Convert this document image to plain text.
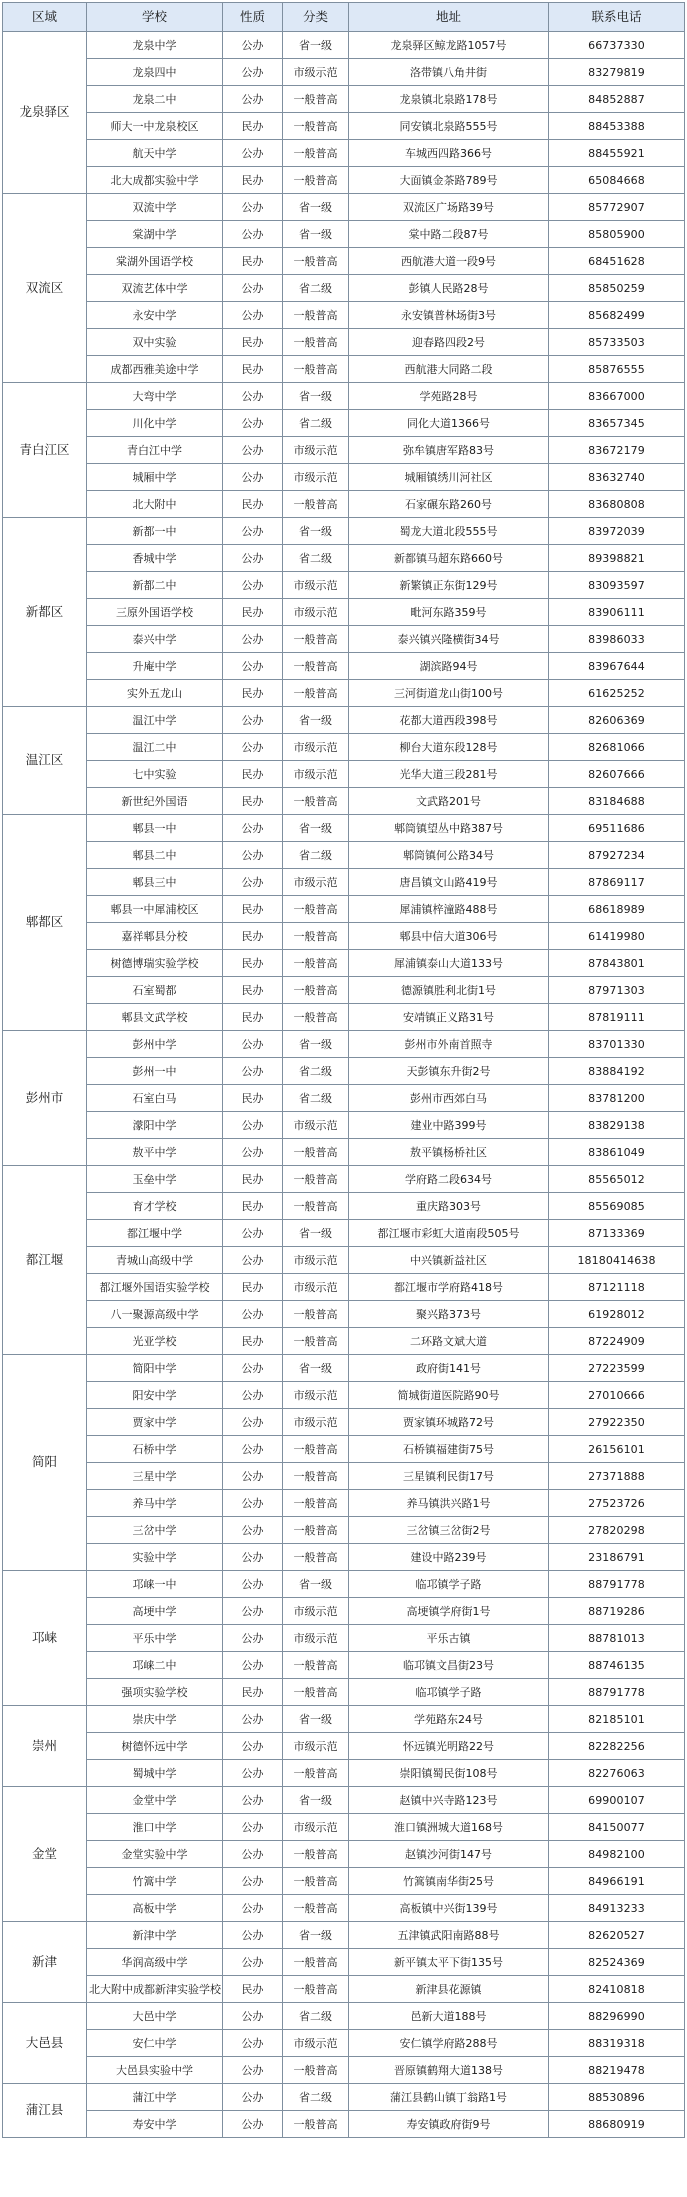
区域	学校	性质	分类	地址	联系电话
龙泉驿区	龙泉中学	公办	省一级	龙泉驿区鲸龙路1057号	66737330
	龙泉四中	公办	市级示范	洛带镇八角井街	83279819
	龙泉二中	公办	一般普高	龙泉镇北泉路178号	84852887
	师大一中龙泉校区	民办	一般普高	同安镇北泉路555号	88453388
	航天中学	公办	一般普高	车城西四路366号	88455921
	北大成都实验中学	民办	一般普高	大面镇金茶路789号	65084668
双流区	双流中学	公办	省一级	双流区广场路39号	85772907
	棠湖中学	公办	省一级	棠中路二段87号	85805900
	棠湖外国语学校	民办	一般普高	西航港大道一段9号	68451628
	双流艺体中学	公办	省二级	彭镇人民路28号	85850259
	永安中学	公办	一般普高	永安镇普林场街3号	85682499
	双中实验	民办	一般普高	迎春路四段2号	85733503
	成都西雅美途中学	民办	一般普高	西航港大同路二段	85876555
青白江区	大弯中学	公办	省一级	学苑路28号	83667000
	川化中学	公办	省二级	同化大道1366号	83657345
	青白江中学	公办	市级示范	弥牟镇唐军路83号	83672179
	城厢中学	公办	市级示范	城厢镇绣川河社区	83632740
	北大附中	民办	一般普高	石家碾东路260号	83680808
新都区	新都一中	公办	省一级	蜀龙大道北段555号	83972039
	香城中学	公办	省二级	新都镇马超东路660号	89398821
	新都二中	公办	市级示范	新繁镇正东街129号	83093597
	三原外国语学校	民办	市级示范	毗河东路359号	83906111
	泰兴中学	公办	一般普高	泰兴镇兴隆横街34号	83986033
	升庵中学	公办	一般普高	湖滨路94号	83967644
	实外五龙山	民办	一般普高	三河街道龙山街100号	61625252
温江区	温江中学	公办	省一级	花都大道西段398号	82606369
	温江二中	公办	市级示范	柳台大道东段128号	82681066
	七中实验	民办	市级示范	光华大道三段281号	82607666
	新世纪外国语	民办	一般普高	文武路201号	83184688
郫都区	郫县一中	公办	省一级	郫筒镇望丛中路387号	69511686
	郫县二中	公办	省二级	郫筒镇何公路34号	87927234
	郫县三中	公办	市级示范	唐昌镇文山路419号	87869117
	郫县一中犀浦校区	民办	一般普高	犀浦镇梓潼路488号	68618989
	嘉祥郫县分校	民办	一般普高	郫县中信大道306号	61419980
	树德博瑞实验学校	民办	一般普高	犀浦镇泰山大道133号	87843801
	石室蜀都	民办	一般普高	德源镇胜利北街1号	87971303
	郫县文武学校	民办	一般普高	安靖镇正义路31号	87819111
彭州市	彭州中学	公办	省一级	彭州市外南首照寺	83701330
	彭州一中	公办	省二级	天彭镇东升街2号	83884192
	石室白马	民办	省二级	彭州市西郊白马	83781200
	濛阳中学	公办	市级示范	建业中路399号	83829138
	敖平中学	公办	一般普高	敖平镇杨桥社区	83861049
都江堰	玉垒中学	民办	一般普高	学府路二段634号	85565012
	育才学校	民办	一般普高	重庆路303号	85569085
	都江堰中学	公办	省一级	都江堰市彩虹大道南段505号	87133369
	青城山高级中学	公办	市级示范	中兴镇新益社区	18180414638
	都江堰外国语实验学校	民办	市级示范	都江堰市学府路418号	87121118
	八一聚源高级中学	公办	一般普高	聚兴路373号	61928012
	光亚学校	民办	一般普高	二环路文斌大道	87224909
简阳	简阳中学	公办	省一级	政府街141号	27223599
	阳安中学	公办	市级示范	简城街道医院路90号	27010666
	贾家中学	公办	市级示范	贾家镇环城路72号	27922350
	石桥中学	公办	一般普高	石桥镇福建街75号	26156101
	三星中学	公办	一般普高	三星镇利民街17号	27371888
	养马中学	公办	一般普高	养马镇洪兴路1号	27523726
	三岔中学	公办	一般普高	三岔镇三岔街2号	27820298
	实验中学	公办	一般普高	建设中路239号	23186791
邛崃	邛崃一中	公办	省一级	临邛镇学子路	88791778
	高埂中学	公办	市级示范	高埂镇学府街1号	88719286
	平乐中学	公办	市级示范	平乐古镇	88781013
	邛崃二中	公办	一般普高	临邛镇文昌街23号	88746135
	强项实验学校	民办	一般普高	临邛镇学子路	88791778
崇州	崇庆中学	公办	省一级	学苑路东24号	82185101
	树德怀远中学	公办	市级示范	怀远镇光明路22号	82282256
	蜀城中学	公办	一般普高	崇阳镇蜀民街108号	82276063
金堂	金堂中学	公办	省一级	赵镇中兴寺路123号	69900107
	淮口中学	公办	市级示范	淮口镇洲城大道168号	84150077
	金堂实验中学	公办	一般普高	赵镇沙河街147号	84982100
	竹篙中学	公办	一般普高	竹篙镇南华街25号	84966191
	高板中学	公办	一般普高	高板镇中兴街139号	84913233
新津	新津中学	公办	省一级	五津镇武阳南路88号	82620527
	华润高级中学	公办	一般普高	新平镇太平下街135号	82524369
	北大附中成都新津实验学校	民办	一般普高	新津县花源镇	82410818
大邑县	大邑中学	公办	省二级	邑新大道188号	88296990
	安仁中学	公办	市级示范	安仁镇学府路288号	88319318
	大邑县实验中学	公办	一般普高	晋原镇鹤翔大道138号	88219478
蒲江县	蒲江中学	公办	省二级	蒲江县鹤山镇丁翁路1号	88530896
	寿安中学	公办	一般普高	寿安镇政府街9号	88680919
